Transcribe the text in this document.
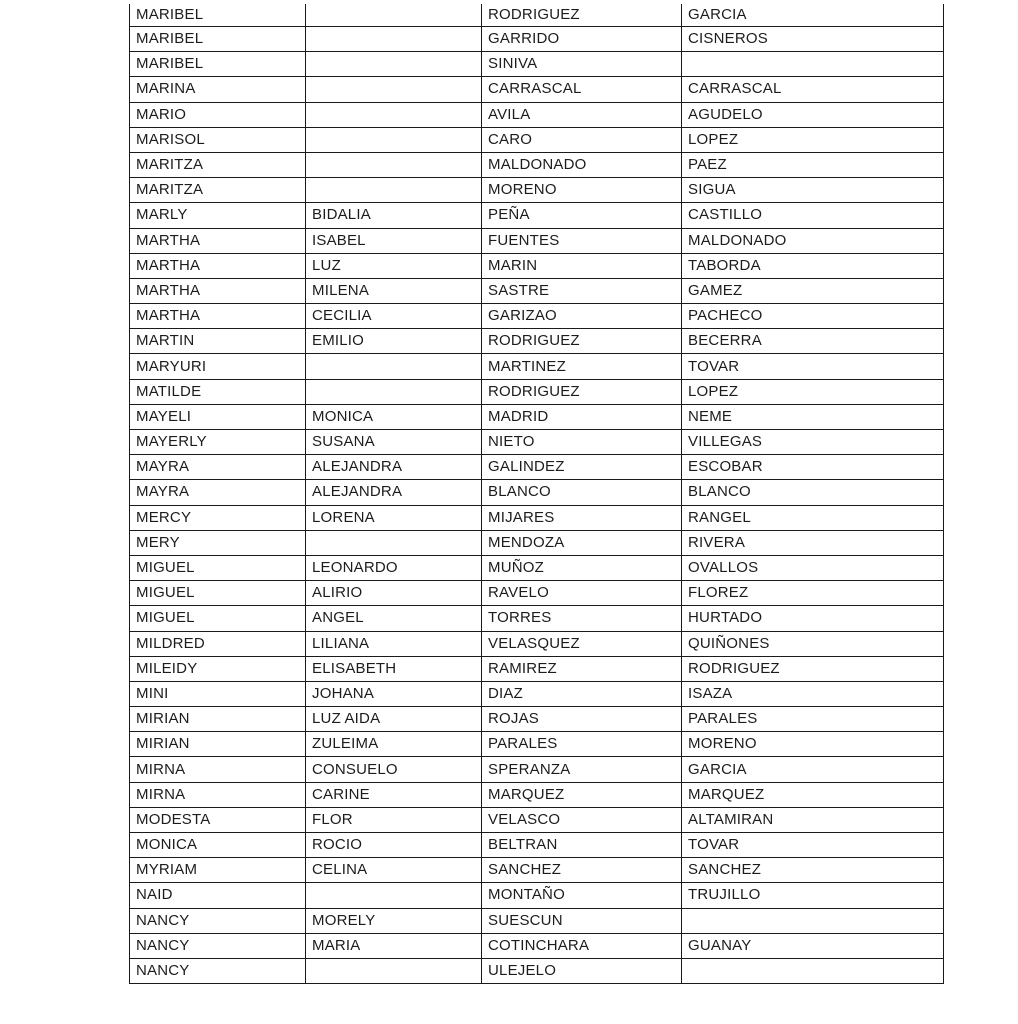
MARIBEL		RODRIGUEZ	GARCIA
MARIBEL		GARRIDO	CISNEROS
MARIBEL		SINIVA	
MARINA		CARRASCAL	CARRASCAL
MARIO		AVILA	AGUDELO
MARISOL		CARO	LOPEZ
MARITZA		MALDONADO	PAEZ
MARITZA		MORENO	SIGUA
MARLY	BIDALIA	PEÑA	CASTILLO
MARTHA	ISABEL	FUENTES	MALDONADO
MARTHA	LUZ	MARIN	TABORDA
MARTHA	MILENA	SASTRE	GAMEZ
MARTHA	CECILIA	GARIZAO	PACHECO
MARTIN	EMILIO	RODRIGUEZ	BECERRA
MARYURI		MARTINEZ	TOVAR
MATILDE		RODRIGUEZ	LOPEZ
MAYELI	MONICA	MADRID	NEME
MAYERLY	SUSANA	NIETO	VILLEGAS
MAYRA	ALEJANDRA	GALINDEZ	ESCOBAR
MAYRA	ALEJANDRA	BLANCO	BLANCO
MERCY	LORENA	MIJARES	RANGEL
MERY		MENDOZA	RIVERA
MIGUEL	LEONARDO	MUÑOZ	OVALLOS
MIGUEL	ALIRIO	RAVELO	FLOREZ
MIGUEL	ANGEL	TORRES	HURTADO
MILDRED	LILIANA	VELASQUEZ	QUIÑONES
MILEIDY	ELISABETH	RAMIREZ	RODRIGUEZ
MINI	JOHANA	DIAZ	ISAZA
MIRIAN	LUZ AIDA	ROJAS	PARALES
MIRIAN	ZULEIMA	PARALES	MORENO
MIRNA	CONSUELO	SPERANZA	GARCIA
MIRNA	CARINE	MARQUEZ	MARQUEZ
MODESTA	FLOR	VELASCO	ALTAMIRAN
MONICA	ROCIO	BELTRAN	TOVAR
MYRIAM	CELINA	SANCHEZ	SANCHEZ
NAID		MONTAÑO	TRUJILLO
NANCY	MORELY	SUESCUN	
NANCY	MARIA	COTINCHARA	GUANAY
NANCY		ULEJELO	
